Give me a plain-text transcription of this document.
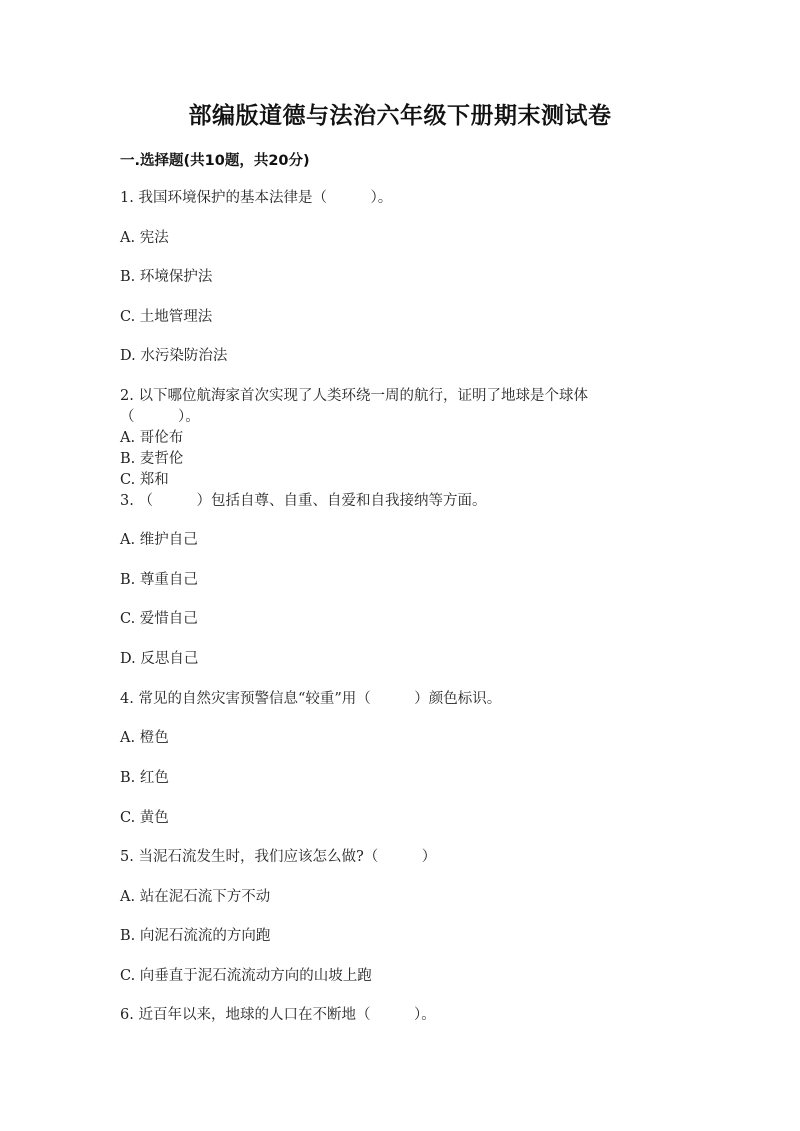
部编版道德与法治六年级下册期末测试卷
一.选择题(共10题，共20分)
1. 我国环境保护的基本法律是（　　　）。
A. 宪法
B. 环境保护法
C. 土地管理法
D. 水污染防治法
2. 以下哪位航海家首次实现了人类环绕一周的航行，证明了地球是个球体
（　　　）。
A. 哥伦布
B. 麦哲伦
C. 郑和
3. （　　　）包括自尊、自重、自爱和自我接纳等方面。
A. 维护自己
B. 尊重自己
C. 爱惜自己
D. 反思自己
4. 常见的自然灾害预警信息“较重”用（　　　）颜色标识。
A. 橙色
B. 红色
C. 黄色
5. 当泥石流发生时，我们应该怎么做?（　　　）
A. 站在泥石流下方不动
B. 向泥石流流的方向跑
C. 向垂直于泥石流流动方向的山坡上跑
6. 近百年以来，地球的人口在不断地（　　　）。
